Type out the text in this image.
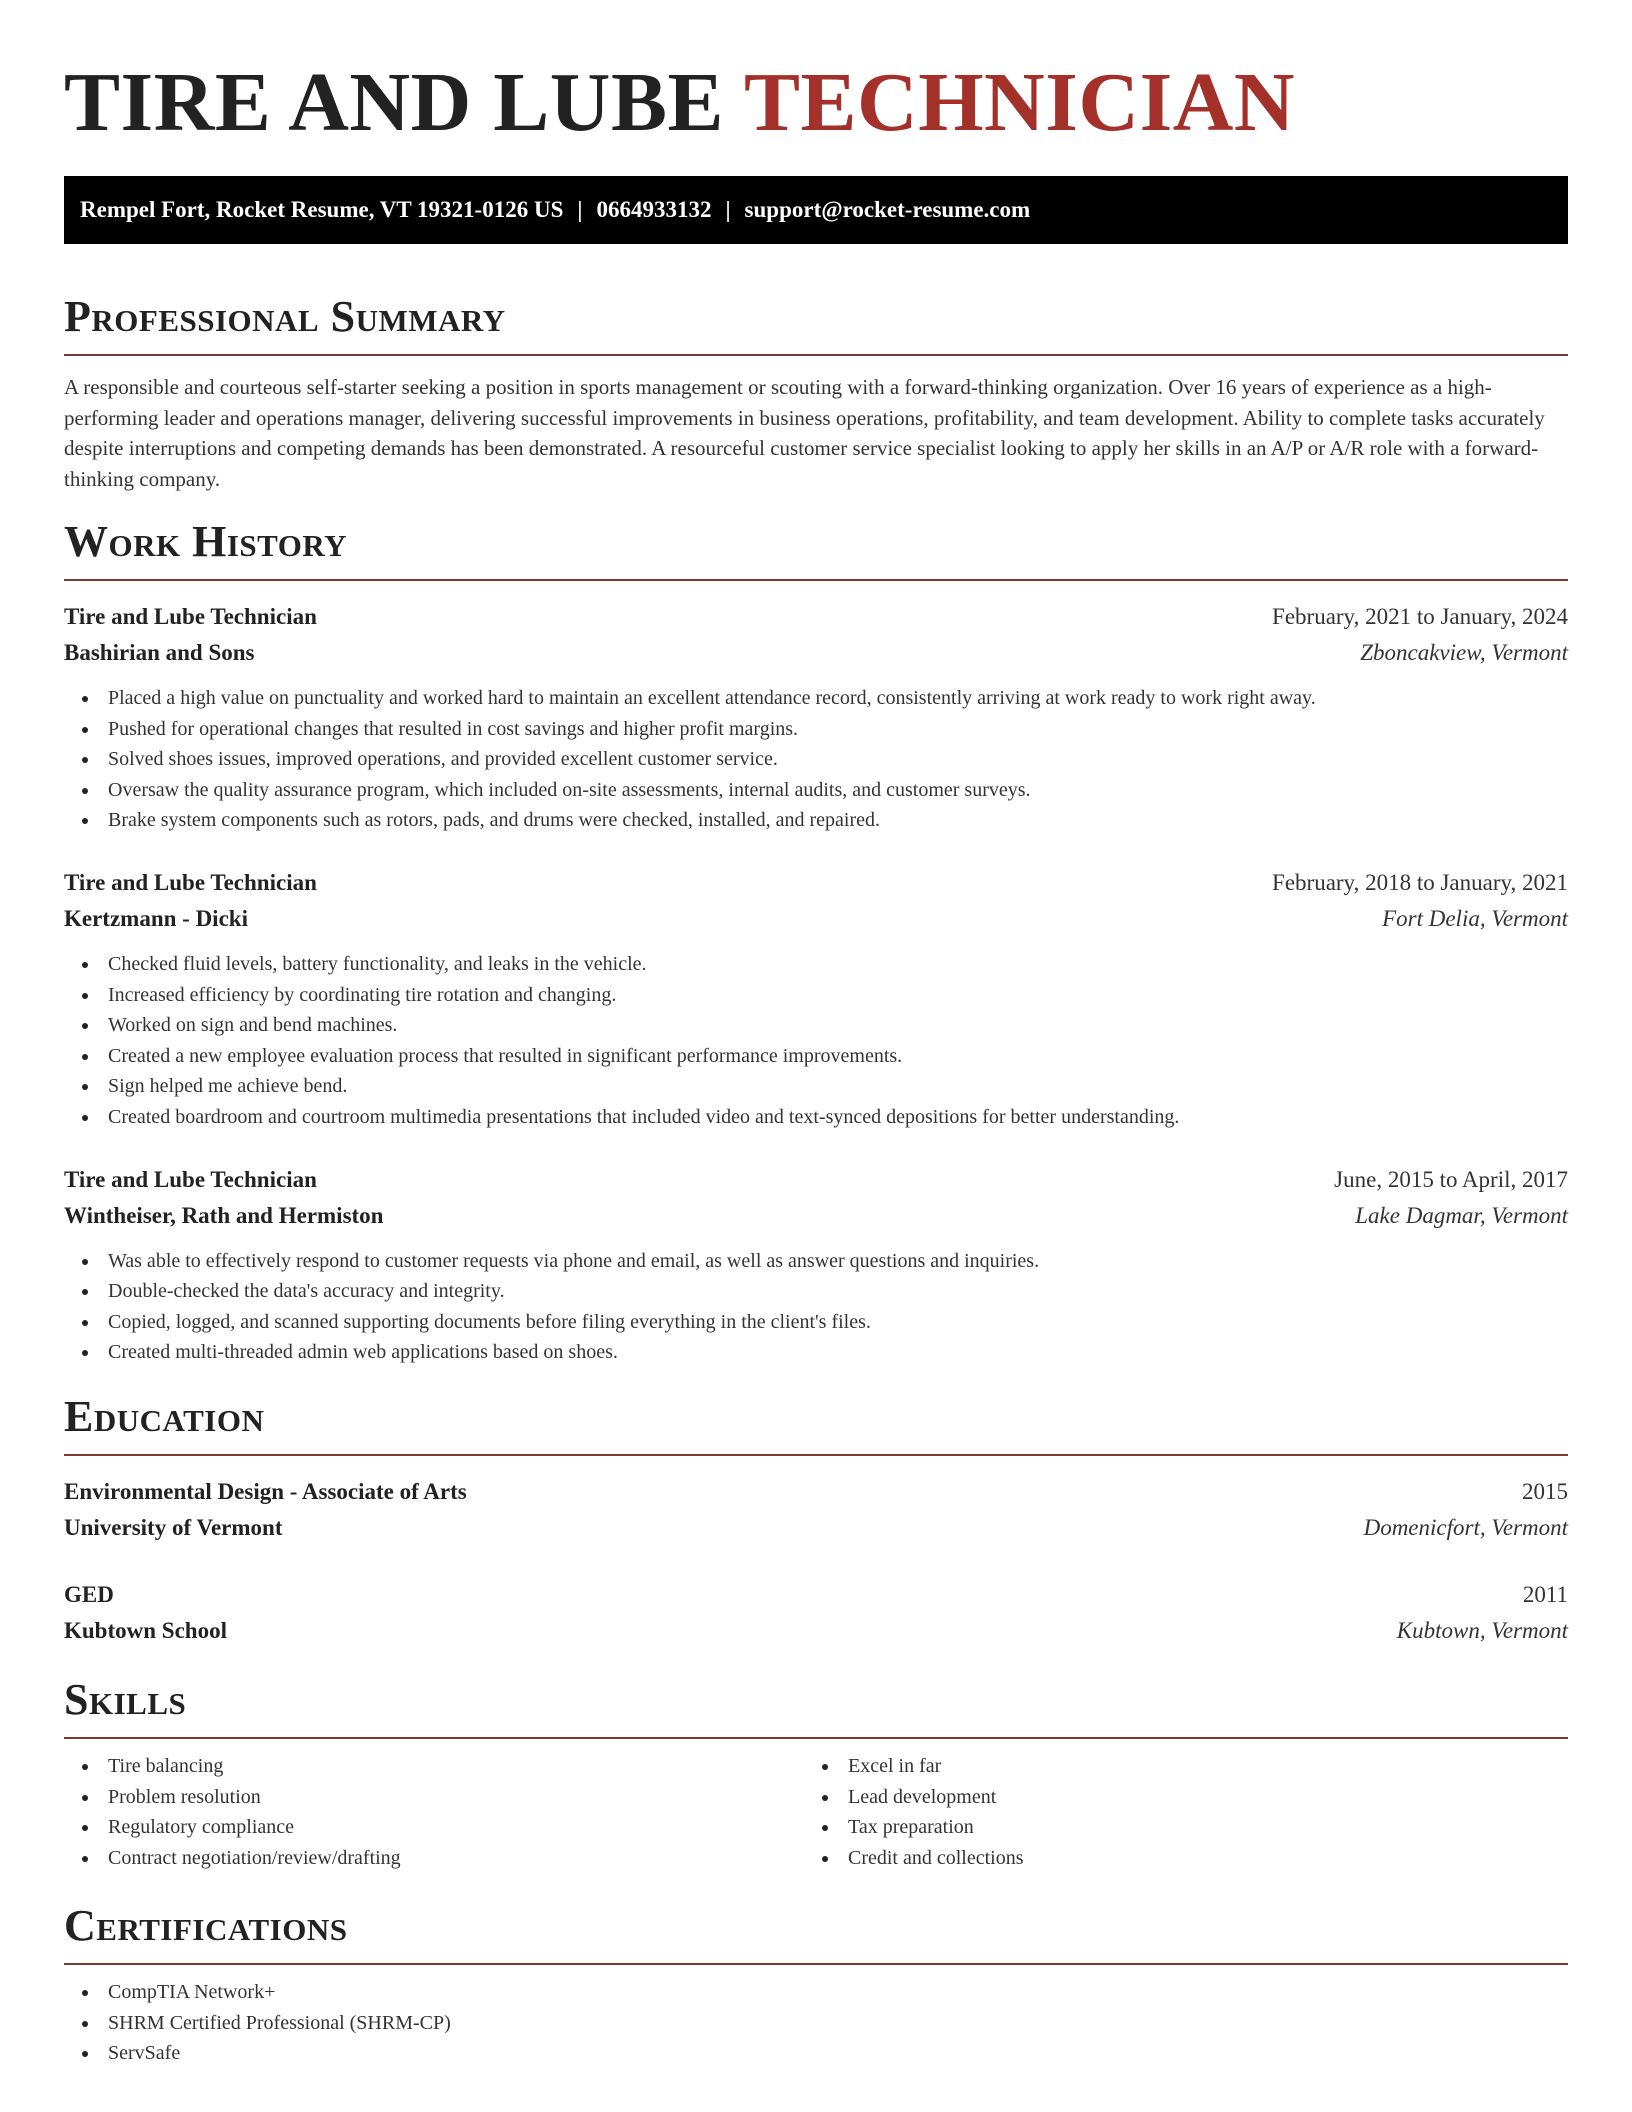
TIRE AND LUBE TECHNICIAN
Rempel Fort, Rocket Resume, VT 19321-0126 US | 0664933132 | support@rocket-resume.com
Professional Summary

A responsible and courteous self-starter seeking a position in sports management or scouting with a forward-thinking organization. Over 16 years of experience as a high-performing leader and operations manager, delivering successful improvements in business operations, profitability, and team development. Ability to complete tasks accurately despite interruptions and competing demands has been demonstrated. A resourceful customer service specialist looking to apply her skills in an A/P or A/R role with a forward-thinking company.

Work History
Tire and Lube Technician	February, 2021 to January, 2024
Bashirian and Sons	Zboncakview, Vermont
Placed a high value on punctuality and worked hard to maintain an excellent attendance record, consistently arriving at work ready to work right away.
Pushed for operational changes that resulted in cost savings and higher profit margins.
Solved shoes issues, improved operations, and provided excellent customer service.
Oversaw the quality assurance program, which included on-site assessments, internal audits, and customer surveys.
Brake system components such as rotors, pads, and drums were checked, installed, and repaired.
Tire and Lube Technician	February, 2018 to January, 2021
Kertzmann - Dicki	Fort Delia, Vermont
Checked fluid levels, battery functionality, and leaks in the vehicle.
Increased efficiency by coordinating tire rotation and changing.
Worked on sign and bend machines.
Created a new employee evaluation process that resulted in significant performance improvements.
Sign helped me achieve bend.
Created boardroom and courtroom multimedia presentations that included video and text-synced depositions for better understanding.
Tire and Lube Technician	June, 2015 to April, 2017
Wintheiser, Rath and Hermiston	Lake Dagmar, Vermont
Was able to effectively respond to customer requests via phone and email, as well as answer questions and inquiries.
Double-checked the data's accuracy and integrity.
Copied, logged, and scanned supporting documents before filing everything in the client's files.
Created multi-threaded admin web applications based on shoes.
Education
Environmental Design - Associate of Arts	2015
University of Vermont	Domenicfort, Vermont
GED	2011
Kubtown School	Kubtown, Vermont
Skills
Tire balancing
Problem resolution
Regulatory compliance
Contract negotiation/review/drafting
Excel in far
Lead development
Tax preparation
Credit and collections
Certifications
CompTIA Network+
SHRM Certified Professional (SHRM-CP)
ServSafe
